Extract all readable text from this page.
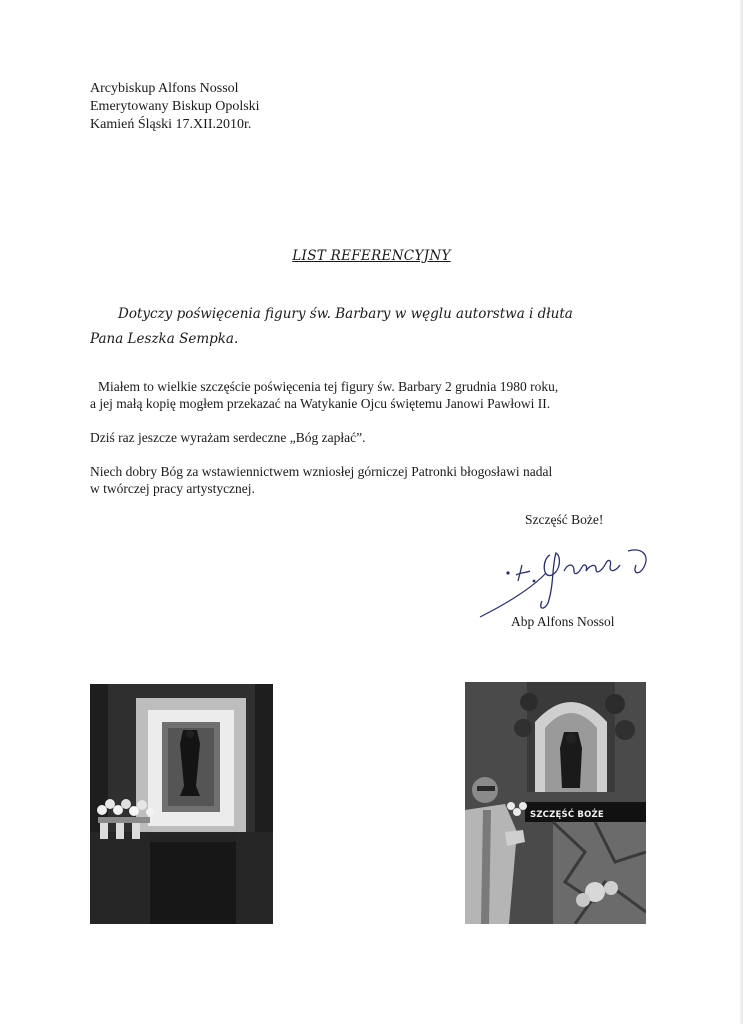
Arcybiskup Alfons Nossol
Emerytowany Biskup Opolski
Kamień Śląski 17.XII.2010r.
LIST REFERENCYJNY
Dotyczy poświęcenia figury św. Barbary w węglu autorstwa i dłuta
Pana Leszka Sempka.
Miałem to wielkie szczęście poświęcenia tej figury św. Barbary 2 grudnia 1980 roku,
a jej małą kopię mogłem przekazać na Watykanie Ojcu świętemu Janowi Pawłowi II.
Dziś raz jeszcze wyrażam serdeczne „Bóg zapłać”.
Niech dobry Bóg za wstawiennictwem wzniosłej górniczej Patronki błogosławi nadal
w twórczej pracy artystycznej.
Szczęść Boże!
Abp Alfons Nossol
SZCZĘŚĆ BOŻE
